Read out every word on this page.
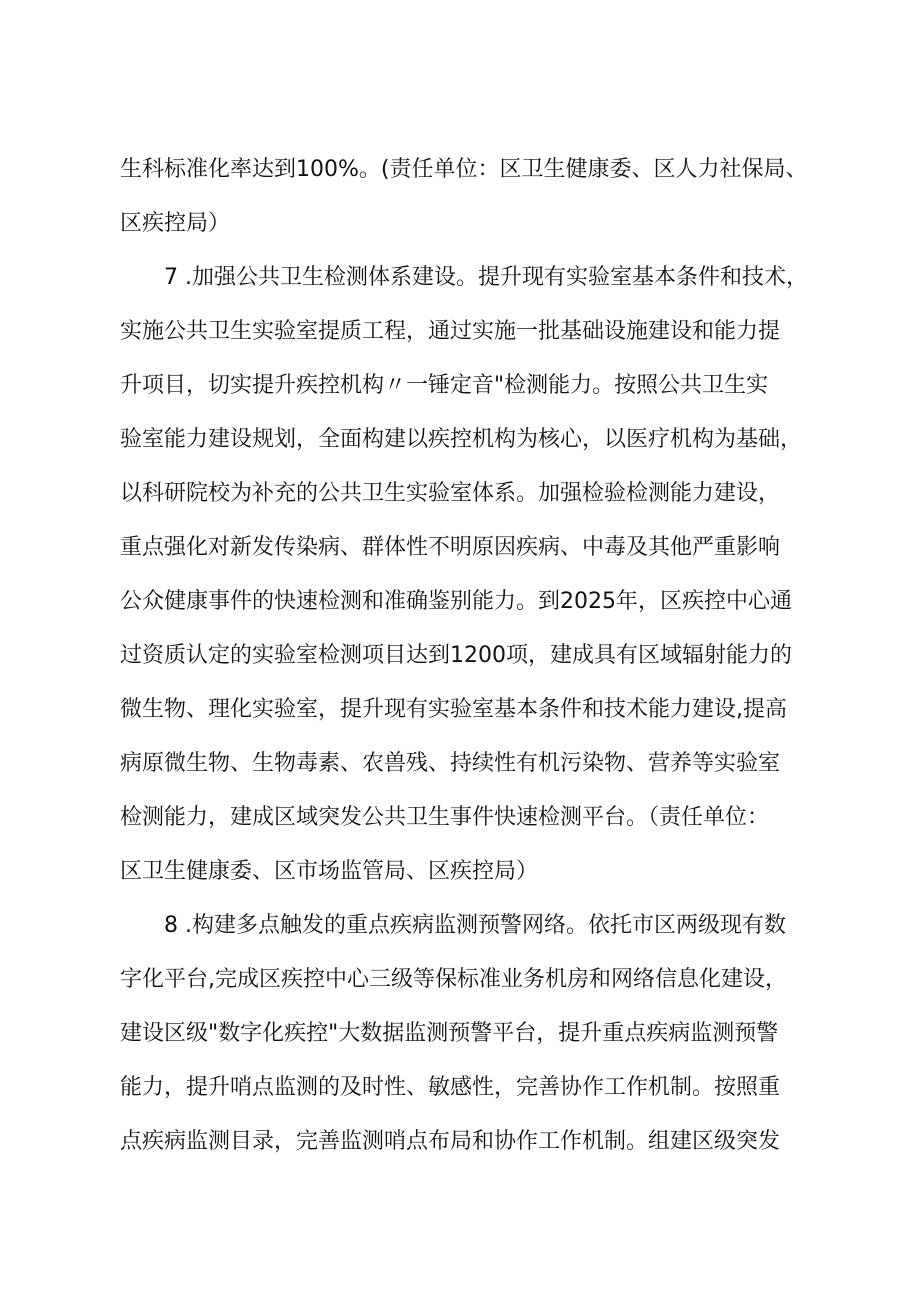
生科标准化率达到100%。(责任单位：区卫生健康委、区人力社保局、
区疾控局）
7 .加强公共卫生检测体系建设。提升现有实验室基本条件和技术，
实施公共卫生实验室提质工程，通过实施一批基础设施建设和能力提
升项目，切实提升疾控机构〃一锤定音"检测能力。按照公共卫生实
验室能力建设规划，全面构建以疾控机构为核心，以医疗机构为基础，
以科研院校为补充的公共卫生实验室体系。加强检验检测能力建设，
重点强化对新发传染病、群体性不明原因疾病、中毒及其他严重影响
公众健康事件的快速检测和准确鉴别能力。到2025年，区疾控中心通
过资质认定的实验室检测项目达到1200项，建成具有区域辐射能力的
微生物、理化实验室，提升现有实验室基本条件和技术能力建设,提高
病原微生物、生物毒素、农兽残、持续性有机污染物、营养等实验室
检测能力，建成区域突发公共卫生事件快速检测平台。（责任单位：
区卫生健康委、区市场监管局、区疾控局）
8 .构建多点触发的重点疾病监测预警网络。依托市区两级现有数
字化平台,完成区疾控中心三级等保标准业务机房和网络信息化建设，
建设区级"数字化疾控"大数据监测预警平台，提升重点疾病监测预警
能力，提升哨点监测的及时性、敏感性，完善协作工作机制。按照重
点疾病监测目录，完善监测哨点布局和协作工作机制。组建区级突发
